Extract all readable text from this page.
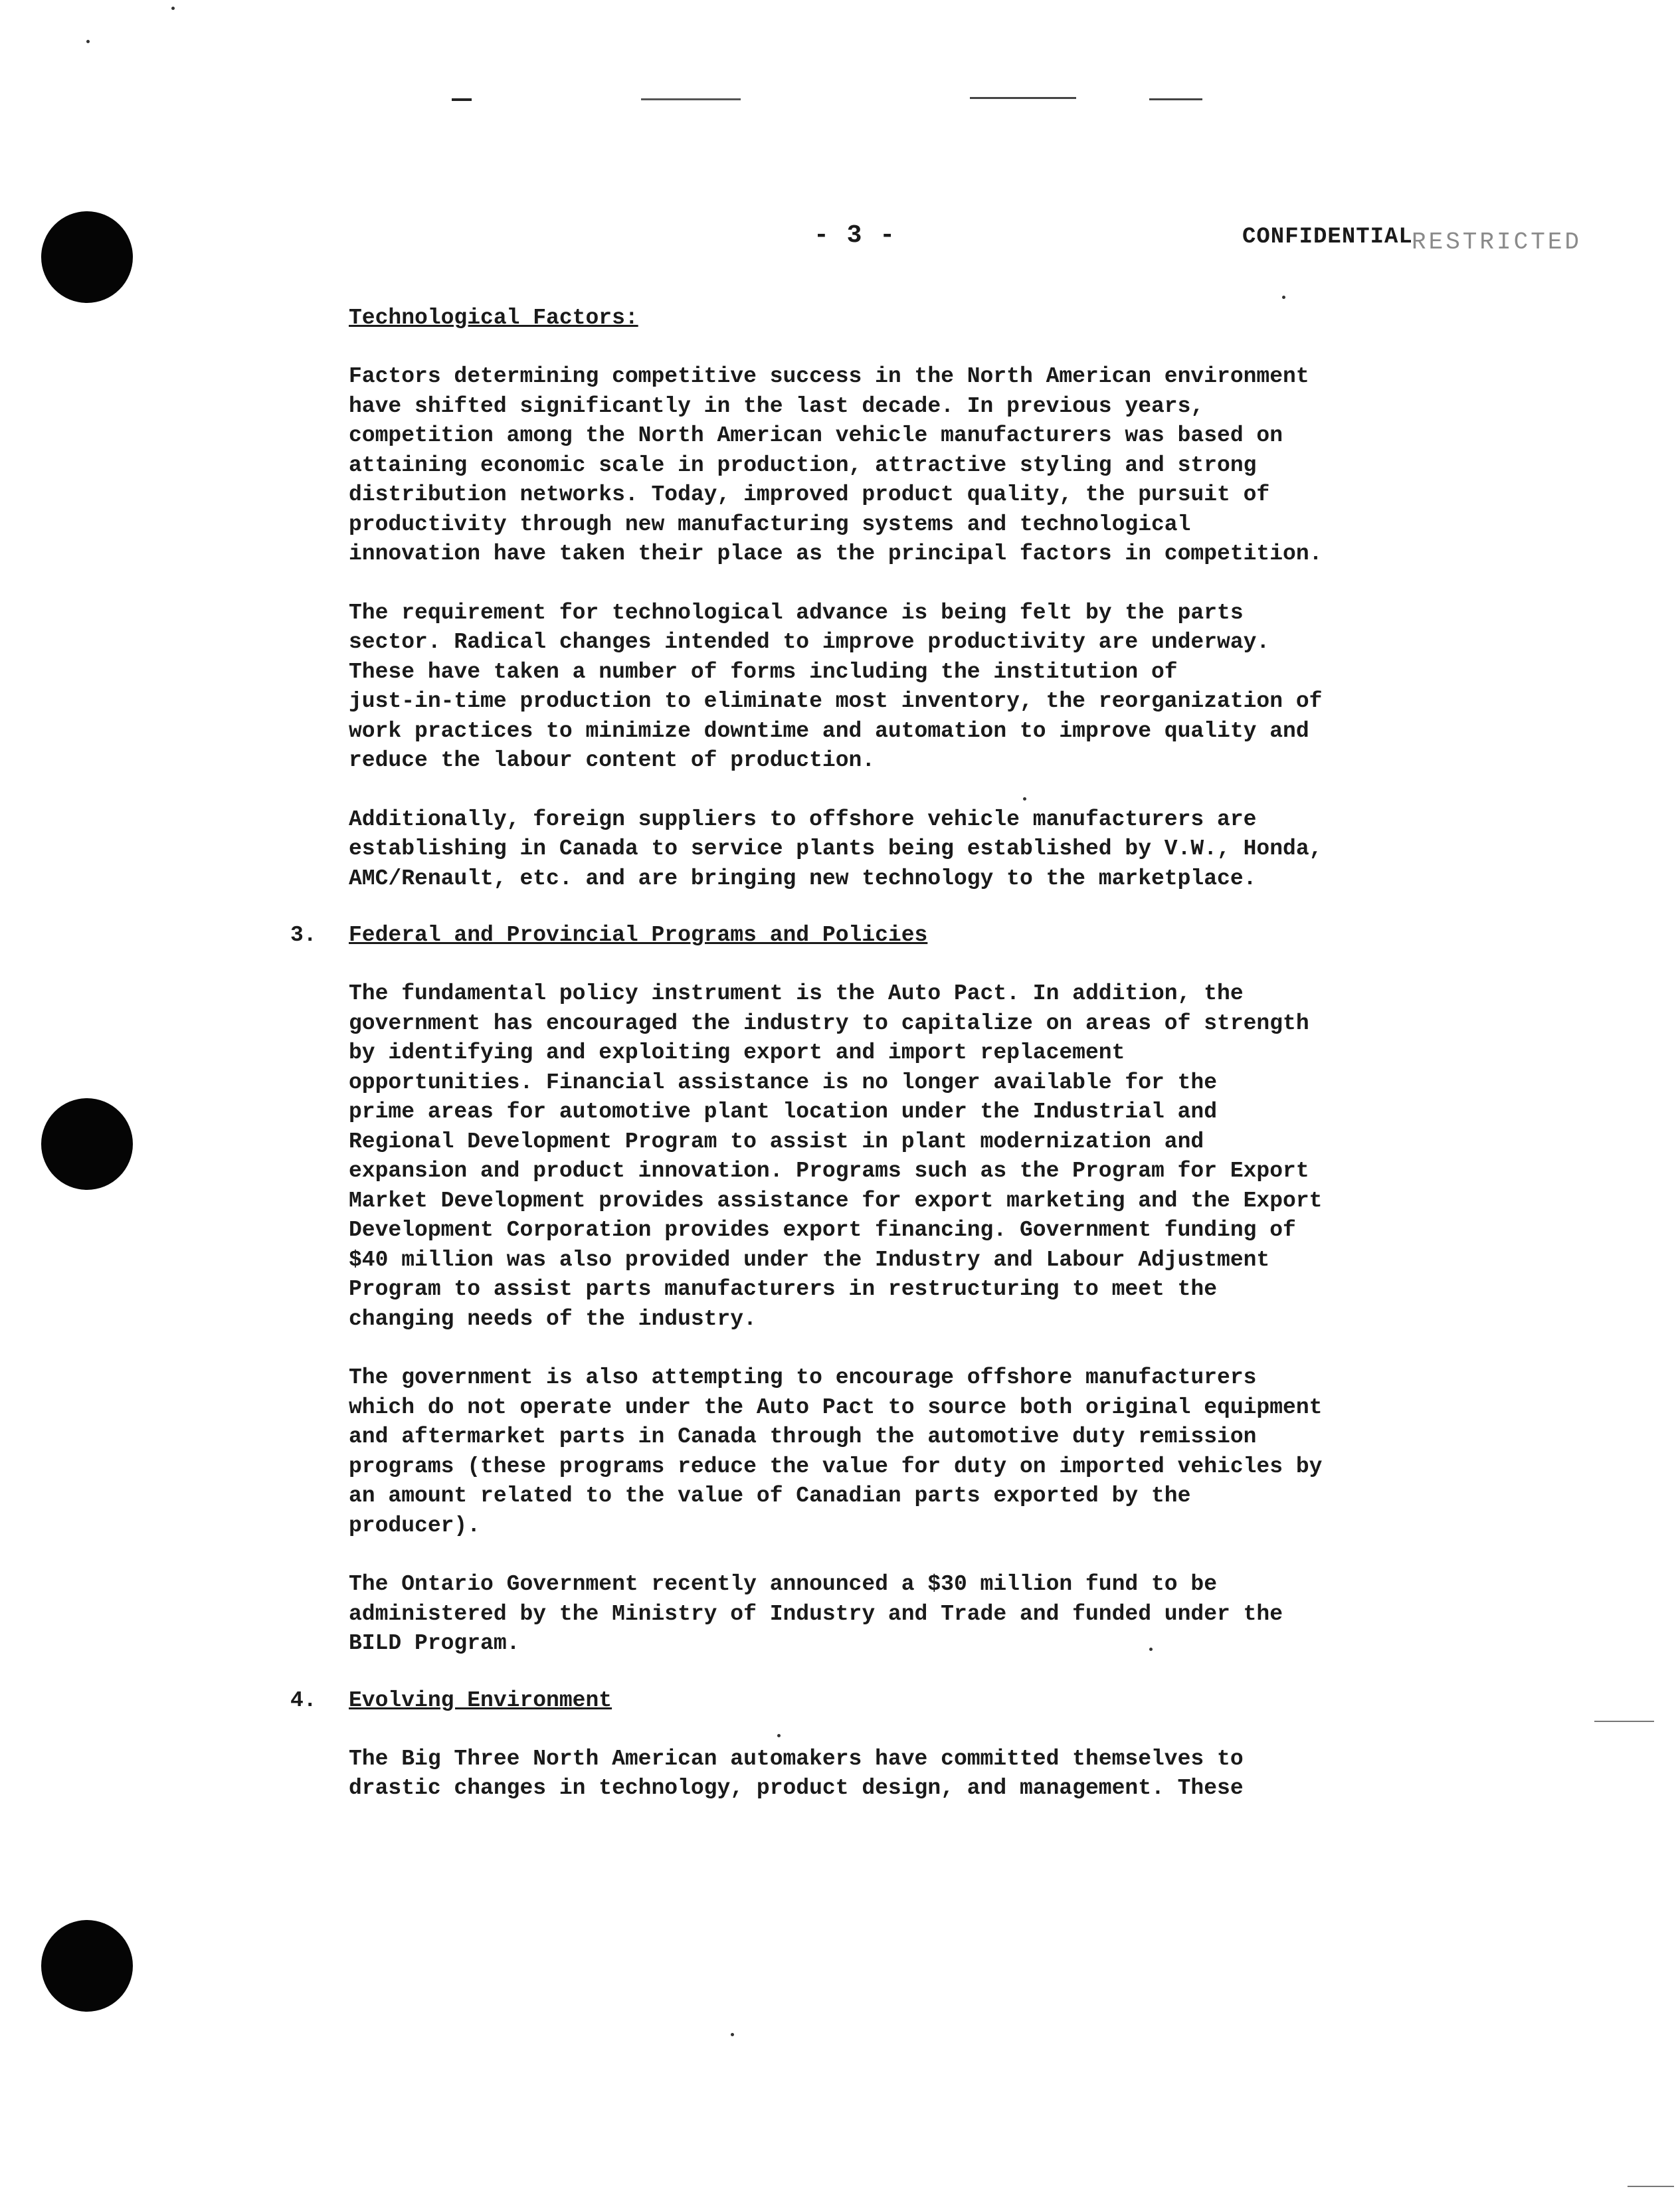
- 3 -	CONFIDENTIAL
RESTRICTED
Technological Factors:

Factors determining competitive success in the North American environment
have shifted significantly in the last decade. In previous years,
competition among the North American vehicle manufacturers was based on
attaining economic scale in production, attractive styling and strong
distribution networks. Today, improved product quality, the pursuit of
productivity through new manufacturing systems and technological
innovation have taken their place as the principal factors in competition.

The requirement for technological advance is being felt by the parts
sector. Radical changes intended to improve productivity are underway.
These have taken a number of forms including the institution of
just-in-time production to eliminate most inventory, the reorganization of
work practices to minimize downtime and automation to improve quality and
reduce the labour content of production.

Additionally, foreign suppliers to offshore vehicle manufacturers are
establishing in Canada to service plants being established by V.W., Honda,
AMC/Renault, etc. and are bringing new technology to the marketplace.

3. Federal and Provincial Programs and Policies

The fundamental policy instrument is the Auto Pact. In addition, the
government has encouraged the industry to capitalize on areas of strength
by identifying and exploiting export and import replacement
opportunities. Financial assistance is no longer available for the
prime areas for automotive plant location under the Industrial and
Regional Development Program to assist in plant modernization and
expansion and product innovation. Programs such as the Program for Export
Market Development provides assistance for export marketing and the Export
Development Corporation provides export financing. Government funding of
$40 million was also provided under the Industry and Labour Adjustment
Program to assist parts manufacturers in restructuring to meet the
changing needs of the industry.

The government is also attempting to encourage offshore manufacturers
which do not operate under the Auto Pact to source both original equipment
and aftermarket parts in Canada through the automotive duty remission
programs (these programs reduce the value for duty on imported vehicles by
an amount related to the value of Canadian parts exported by the
producer).

The Ontario Government recently announced a $30 million fund to be
administered by the Ministry of Industry and Trade and funded under the
BILD Program.

4. Evolving Environment

The Big Three North American automakers have committed themselves to
drastic changes in technology, product design, and management. These
